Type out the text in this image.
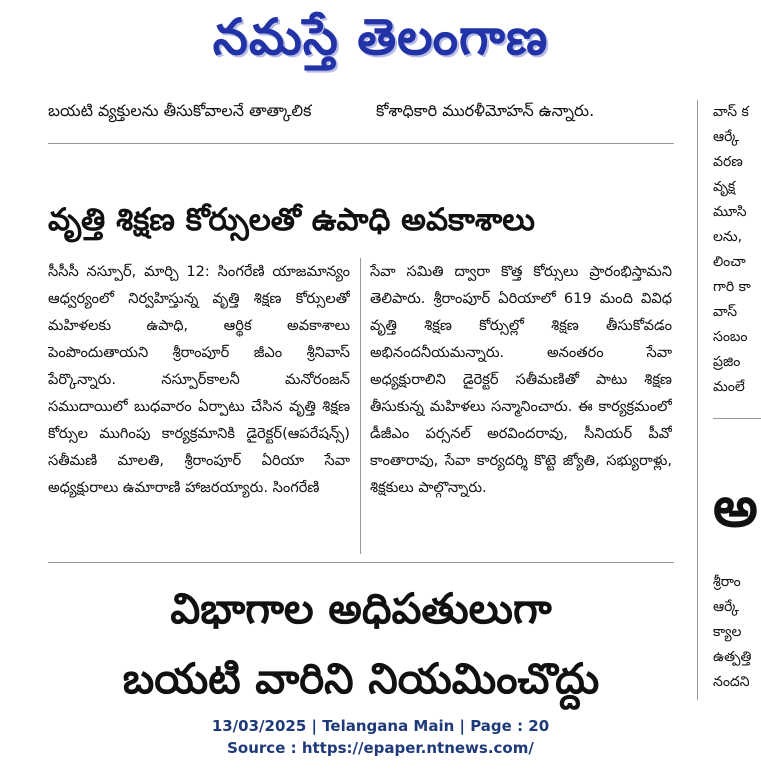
నమస్తే తెలంగాణ
బయటి వ్యక్తులను తీసుకోవాలనే తాత్కాలిక	కోశాధికారి మురళీమోహన్ ఉన్నారు.
వృత్తి శిక్షణ కోర్సులతో ఉపాధి అవకాశాలు
సీసీసీ నస్పూర్, మార్చి 12: సింగరేణి యాజమాన్యం ఆధ్వర్యంలో నిర్వహిస్తున్న వృత్తి శిక్షణ కోర్సులతో మహిళలకు ఉపాధి, ఆర్థిక అవకాశాలు పెంపొందుతాయని శ్రీరాంపూర్ జీఎం శ్రీనివాస్ పేర్కొన్నారు. నస్పూర్‌కాలనీ మనోరంజన్ సముదాయిలో బుధవారం ఏర్పాటు చేసిన వృత్తి శిక్షణ కోర్సుల ముగింపు కార్యక్రమానికి డైరెక్టర్(ఆపరేషన్స్) సతీమణి మాలతి, శ్రీరాంపూర్ ఏరియా సేవా అధ్యక్షురాలు ఉమారాణి హాజరయ్యారు. సింగరేణి
సేవా సమితి ద్వారా కొత్త కోర్సులు ప్రారంభిస్తామని తెలిపారు. శ్రీరాంపూర్ ఏరియాలో 619 మంది వివిధ వృత్తి శిక్షణ కోర్సుల్లో శిక్షణ తీసుకోవడం అభినందనీయమన్నారు. అనంతరం సేవా అధ్యక్షురాలిని డైరెక్టర్ సతీమణితో పాటు శిక్షణ తీసుకున్న మహిళలు సన్మానించారు. ఈ కార్యక్రమంలో డీజీఎం పర్సనల్ అరవిందరావు, సీనియర్ పీవో కాంతారావు, సేవా కార్యదర్శి కొట్టె జ్యోతి, సభ్యురాళ్లు, శిక్షకులు పాల్గొన్నారు.
విభాగాల అధిపతులుగా
బయటి వారిని నియమించొద్దు
వాస్ క
ఆర్కే
వరణ
వృక్ష
మూసి
లను,
లించా
గారి కా
వాస్
సంబం
ప్రజిం
మంలే
అ
శ్రీరాం
ఆర్కే
క్యాల
ఉత్పత్తి
నందని
13/03/2025 | Telangana Main | Page : 20
Source : https://epaper.ntnews.com/
